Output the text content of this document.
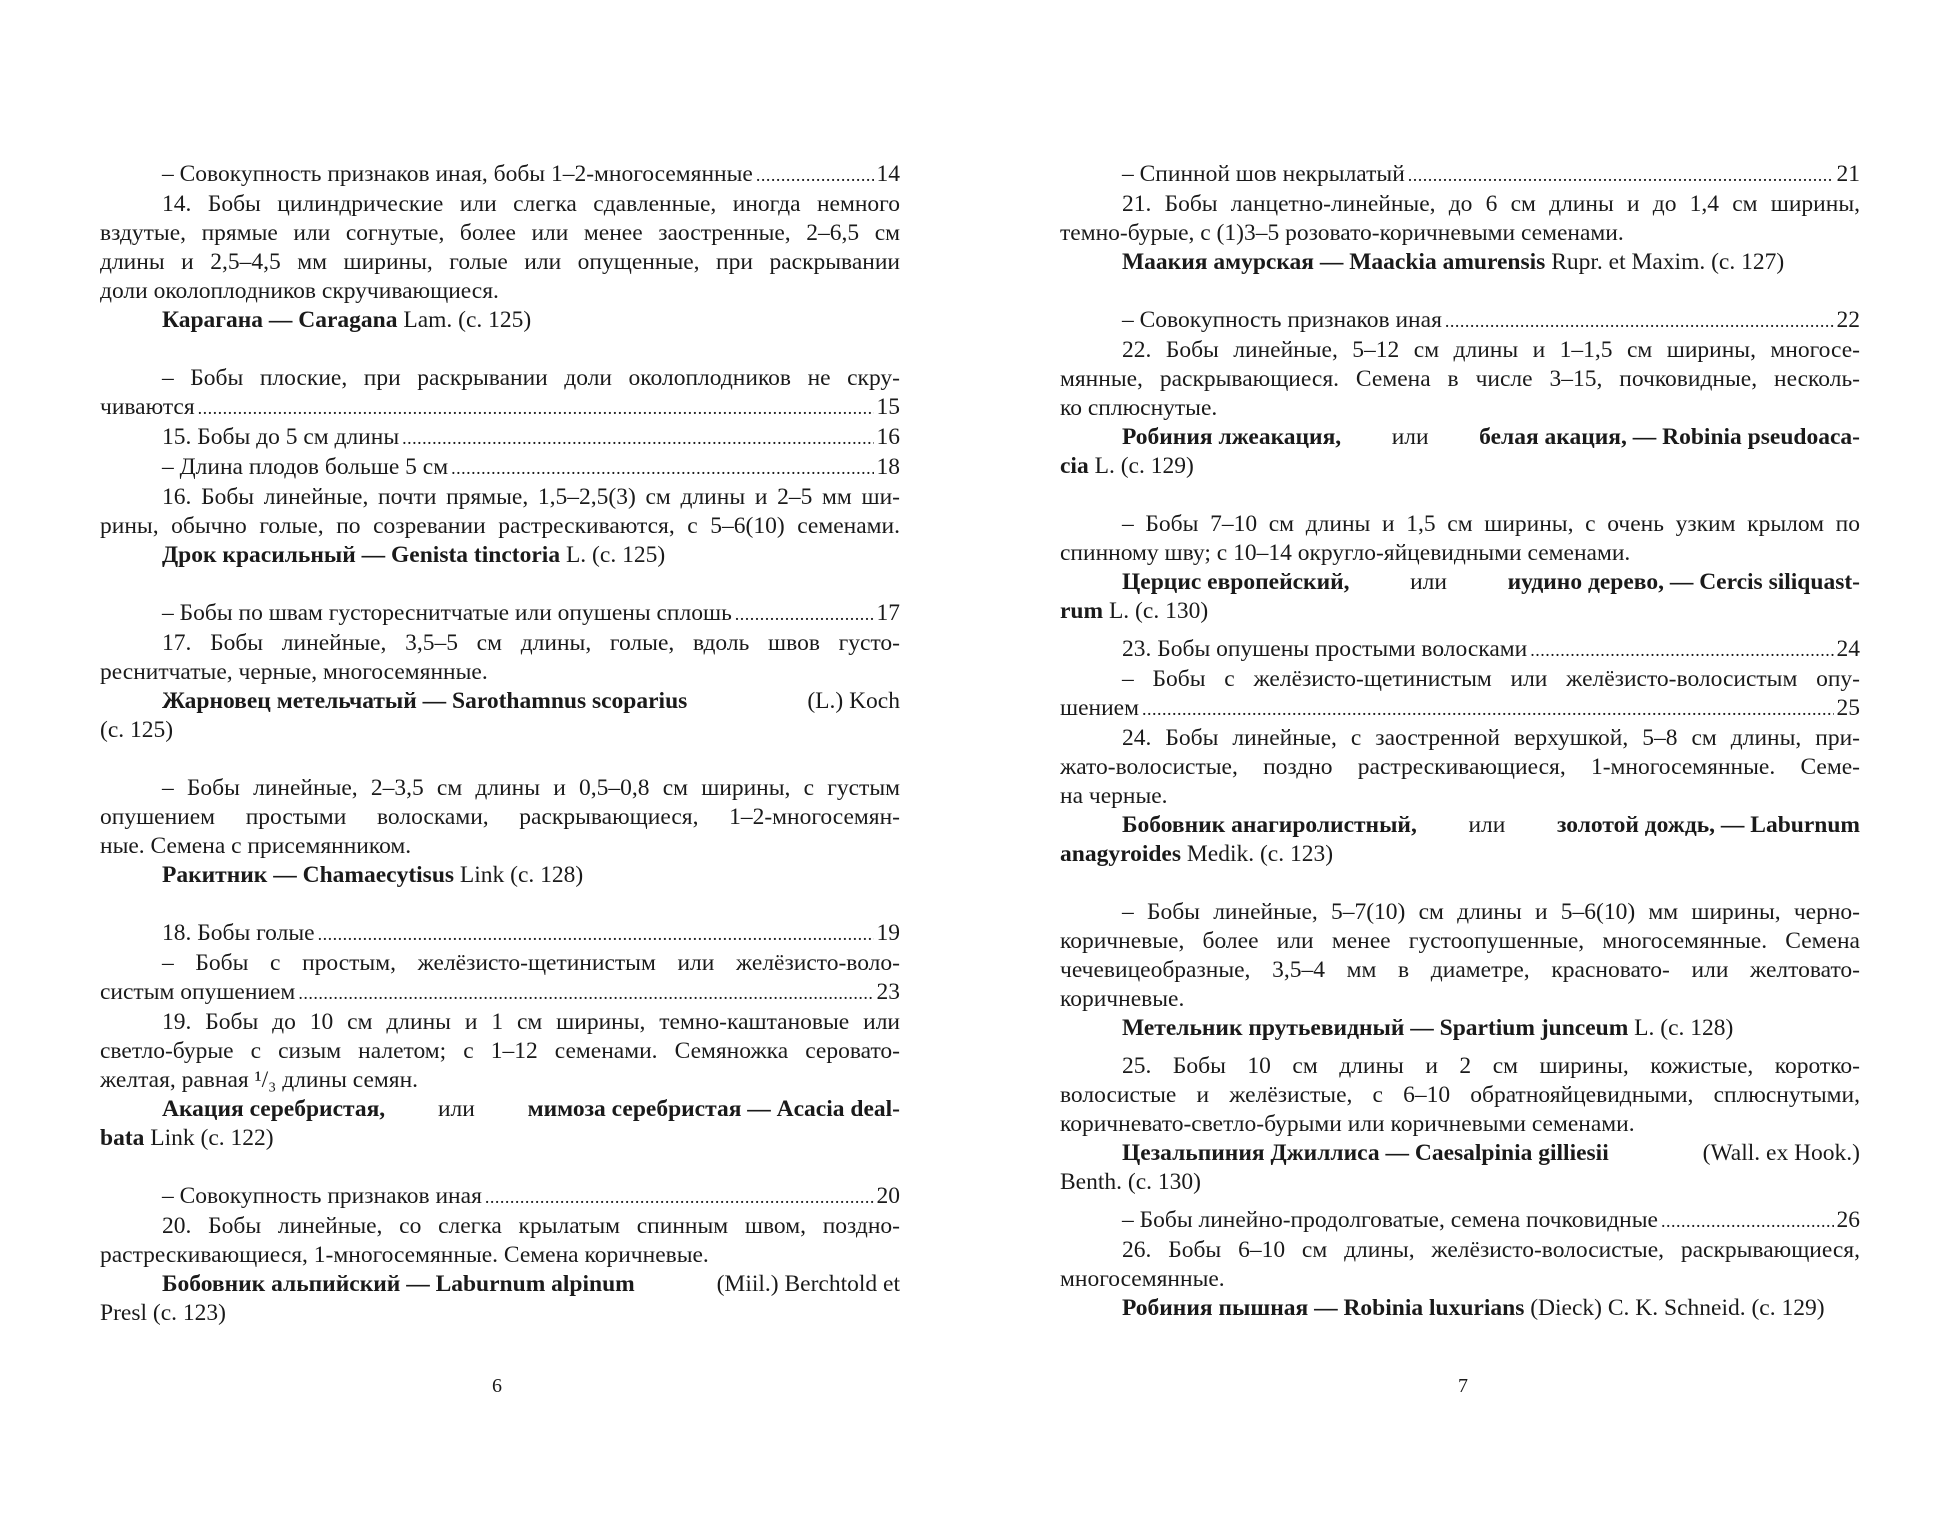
– Совокупность признаков иная, бобы 1–2-многосемянные . . .	14
14. Бобы цилиндрические или слегка сдавленные, иногда немного
вздутые, прямые или согнутые, более или менее заостренные, 2–6,5 см
длины и 2,5–4,5 мм ширины, голые или опущенные, при раскрывании
доли околоплодников скручивающиеся.
Карагана — Caragana Lam. (с. 125)
– Бобы плоские, при раскрывании доли околоплодников не скру-
чиваются . . .	15
15. Бобы до 5 см длины . . .	16
– Длина плодов больше 5 см . . .	18
16. Бобы линейные, почти прямые, 1,5–2,5(3) см длины и 2–5 мм ши-
рины, обычно голые, по созревании растрескиваются, с 5–6(10) семенами.
Дрок красильный — Genista tinctoria L. (с. 125)
– Бобы по швам густореснитчатые или опушены сплошь . . .	17
17. Бобы линейные, 3,5–5 см длины, голые, вдоль швов густо-
реснитчатые, черные, многосемянные.
Жарновец метельчатый — Sarothamnus scoparius	(L.) Koch
(с. 125)
– Бобы линейные, 2–3,5 см длины и 0,5–0,8 см ширины, с густым
опушением простыми волосками, раскрывающиеся, 1–2-многосемян-
ные. Семена с присемянником.
Ракитник — Chamaecytisus Link (с. 128)
18. Бобы голые . . .	19
– Бобы с простым, желёзисто-щетинистым или желёзисто-воло-
систым опушением . . .	23
19. Бобы до 10 см длины и 1 см ширины, темно-каштановые или
светло-бурые с сизым налетом; с 1–12 семенами. Семяножка серовато-
желтая, равная ¹/₃ длины семян.
Акация серебристая, или мимоза серебристая — Acacia deal-
bata Link (с. 122)
– Совокупность признаков иная . . .	20
20. Бобы линейные, со слегка крылатым спинным швом, поздно-
растрескивающиеся, 1-многосемянные. Семена коричневые.
Бобовник альпийский — Laburnum alpinum	(Miil.) Berchtold et
Presl (с. 123)
– Спинной шов некрылатый . . .	21
21. Бобы ланцетно-линейные, до 6 см длины и до 1,4 см ширины,
темно-бурые, с (1)3–5 розовато-коричневыми семенами.
Маакия амурская — Maackia amurensis Rupr. et Maxim. (с. 127)
– Совокупность признаков иная . . .	22
22. Бобы линейные, 5–12 см длины и 1–1,5 см ширины, многосе-
мянные, раскрывающиеся. Семена в числе 3–15, почковидные, несколь-
ко сплюснутые.
Робиния лжеакация, или белая акация, — Robinia pseudoaca-
cia L. (с. 129)
– Бобы 7–10 см длины и 1,5 см ширины, с очень узким крылом по
спинному шву; с 10–14 округло-яйцевидными семенами.
Церцис европейский, или иудино дерево, — Cercis siliquast-
rum L. (с. 130)
23. Бобы опушены простыми волосками . . .	24
– Бобы с желёзисто-щетинистым или желёзисто-волосистым опу-
шением . . .	25
24. Бобы линейные, с заостренной верхушкой, 5–8 см длины, при-
жато-волосистые, поздно растрескивающиеся, 1-многосемянные. Семе-
на черные.
Бобовник анагиролистный, или золотой дождь, — Laburnum
anagyroides Medik. (с. 123)
– Бобы линейные, 5–7(10) см длины и 5–6(10) мм ширины, черно-
коричневые, более или менее густоопушенные, многосемянные. Семена
чечевицеобразные, 3,5–4 мм в диаметре, красновато- или желтовато-
коричневые.
Метельник прутьевидный — Spartium junceum L. (с. 128)
25. Бобы 10 см длины и 2 см ширины, кожистые, коротко-
волосистые и желёзистые, с 6–10 обратнояйцевидными, сплюснутыми,
коричневато-светло-бурыми или коричневыми семенами.
Цезальпиния Джиллиса — Caesalpinia gilliesii	(Wall. ex Hook.)
Benth. (с. 130)
– Бобы линейно-продолговатые, семена почковидные . . .	26
26. Бобы 6–10 см длины, желёзисто-волосистые, раскрывающиеся,
многосемянные.
Робиния пышная — Robinia luxurians (Dieck) C. K. Schneid. (с. 129)
6	7
